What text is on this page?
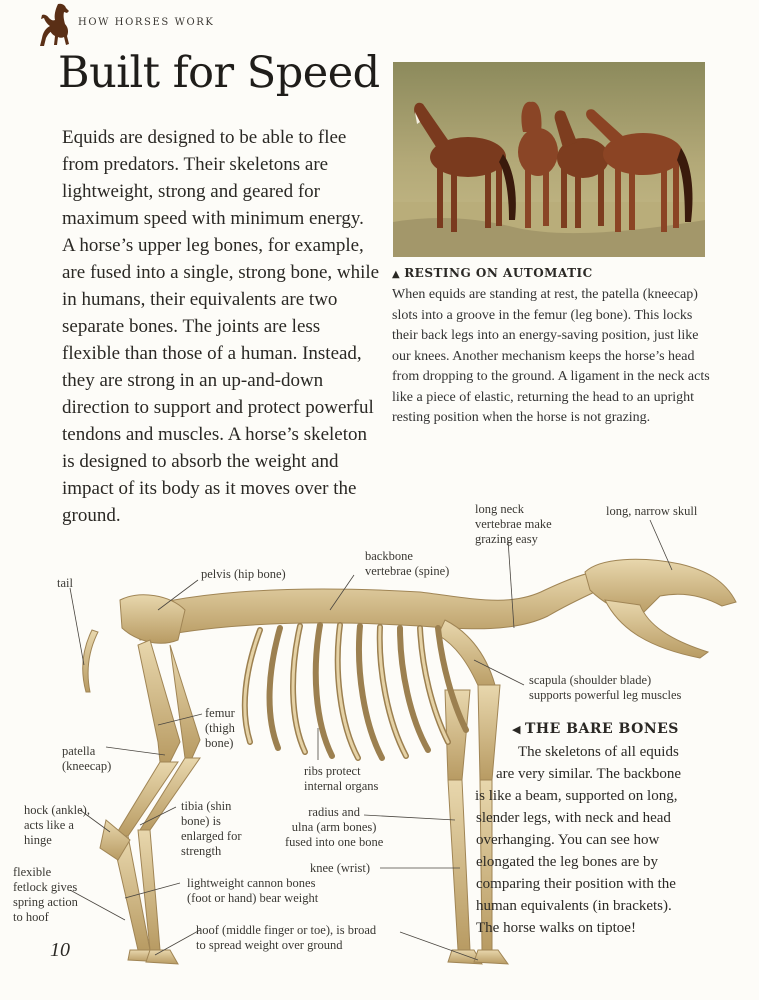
HOW HORSES WORK
Built for Speed
Equids are designed to be able to flee from predators. Their skeletons are lightweight, strong and geared for maximum speed with minimum energy. A horse’s upper leg bones, for example, are fused into a single, strong bone, while in humans, their equivalents are two separate bones. The joints are less flexible than those of a human. Instead, they are strong in an up-and-down direction to support and protect powerful tendons and muscles. A horse’s skeleton is designed to absorb the weight and impact of its body as it moves over the ground.
▲ RESTING ON AUTOMATIC
When equids are standing at rest, the patella (kneecap) slots into a groove in the femur (leg bone). This locks their back legs into an energy-saving position, just like our knees. Another mechanism keeps the horse’s head from dropping to the ground. A ligament in the neck acts like a piece of elastic, returning the head to an upright resting position when the horse is not grazing.
long neck
vertebrae make
grazing easy
long, narrow skull
backbone
vertebrae (spine)
tail
pelvis (hip bone)
scapula (shoulder blade)
supports powerful leg muscles
femur
(thigh
bone)
patella
(kneecap)	ribs protect
internal organs
hock (ankle),
acts like a
hinge
tibia (shin
bone) is
enlarged for
strength
radius and
ulna (arm bones)
fused into one bone
flexible
fetlock gives
spring action
to hoof
knee (wrist)
lightweight cannon bones
(foot or hand) bear weight
hoof (middle finger or toe), is broad
to spread weight over ground
◀ THE BARE BONES
The skeletons of all equids
are very similar. The backbone
is like a beam, supported on long,
slender legs, with neck and head
overhanging. You can see how
elongated the leg bones are by
comparing their position with the
human equivalents (in brackets).
The horse walks on tiptoe!
10
